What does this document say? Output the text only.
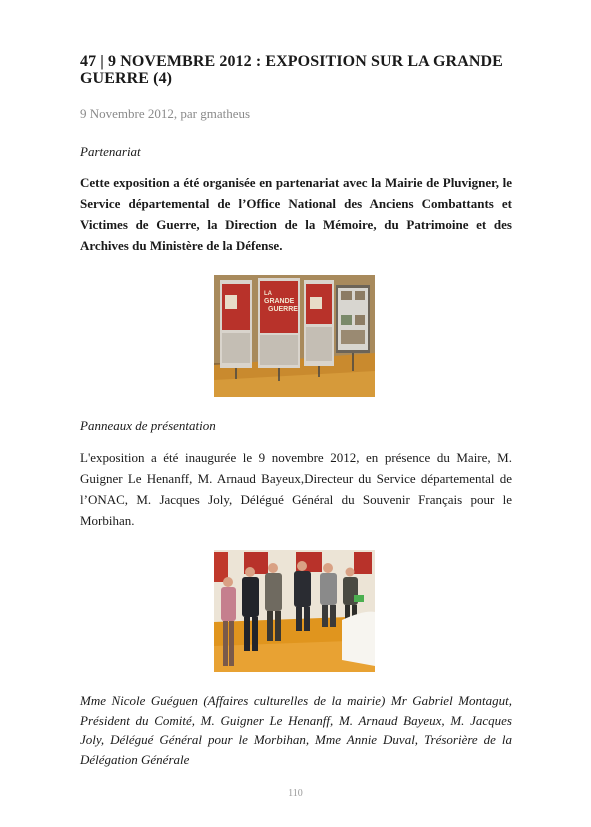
47 | 9 NOVEMBRE 2012 : EXPOSITION SUR LA GRANDE GUERRE (4)
9 Novembre 2012, par gmatheus
Partenariat

Cette exposition a été organisée en partenariat avec la Mairie de Pluvigner, le Service départemental de l’Office National des Anciens Combattants et Victimes de Guerre, la Direction de la Mémoire, du Patrimoine et des Archives du Ministère de la Défense.

LA
GRANDE
GUERRE
Panneaux de présentation

L'exposition a été inaugurée le 9 novembre 2012, en présence du Maire, M. Guigner Le Henanff, M. Arnaud Bayeux,Directeur du Service départemental de l’ONAC, M. Jacques Joly, Délégué Général du Souvenir Français pour le Morbihan.

Mme Nicole Guéguen (Affaires culturelles de la mairie) Mr Gabriel Montagut, Président du Comité, M. Guigner Le Henanff, M. Arnaud Bayeux, M. Jacques Joly, Délégué Général pour le Morbihan, Mme Annie Duval, Trésorière de la Délégation Générale

110
